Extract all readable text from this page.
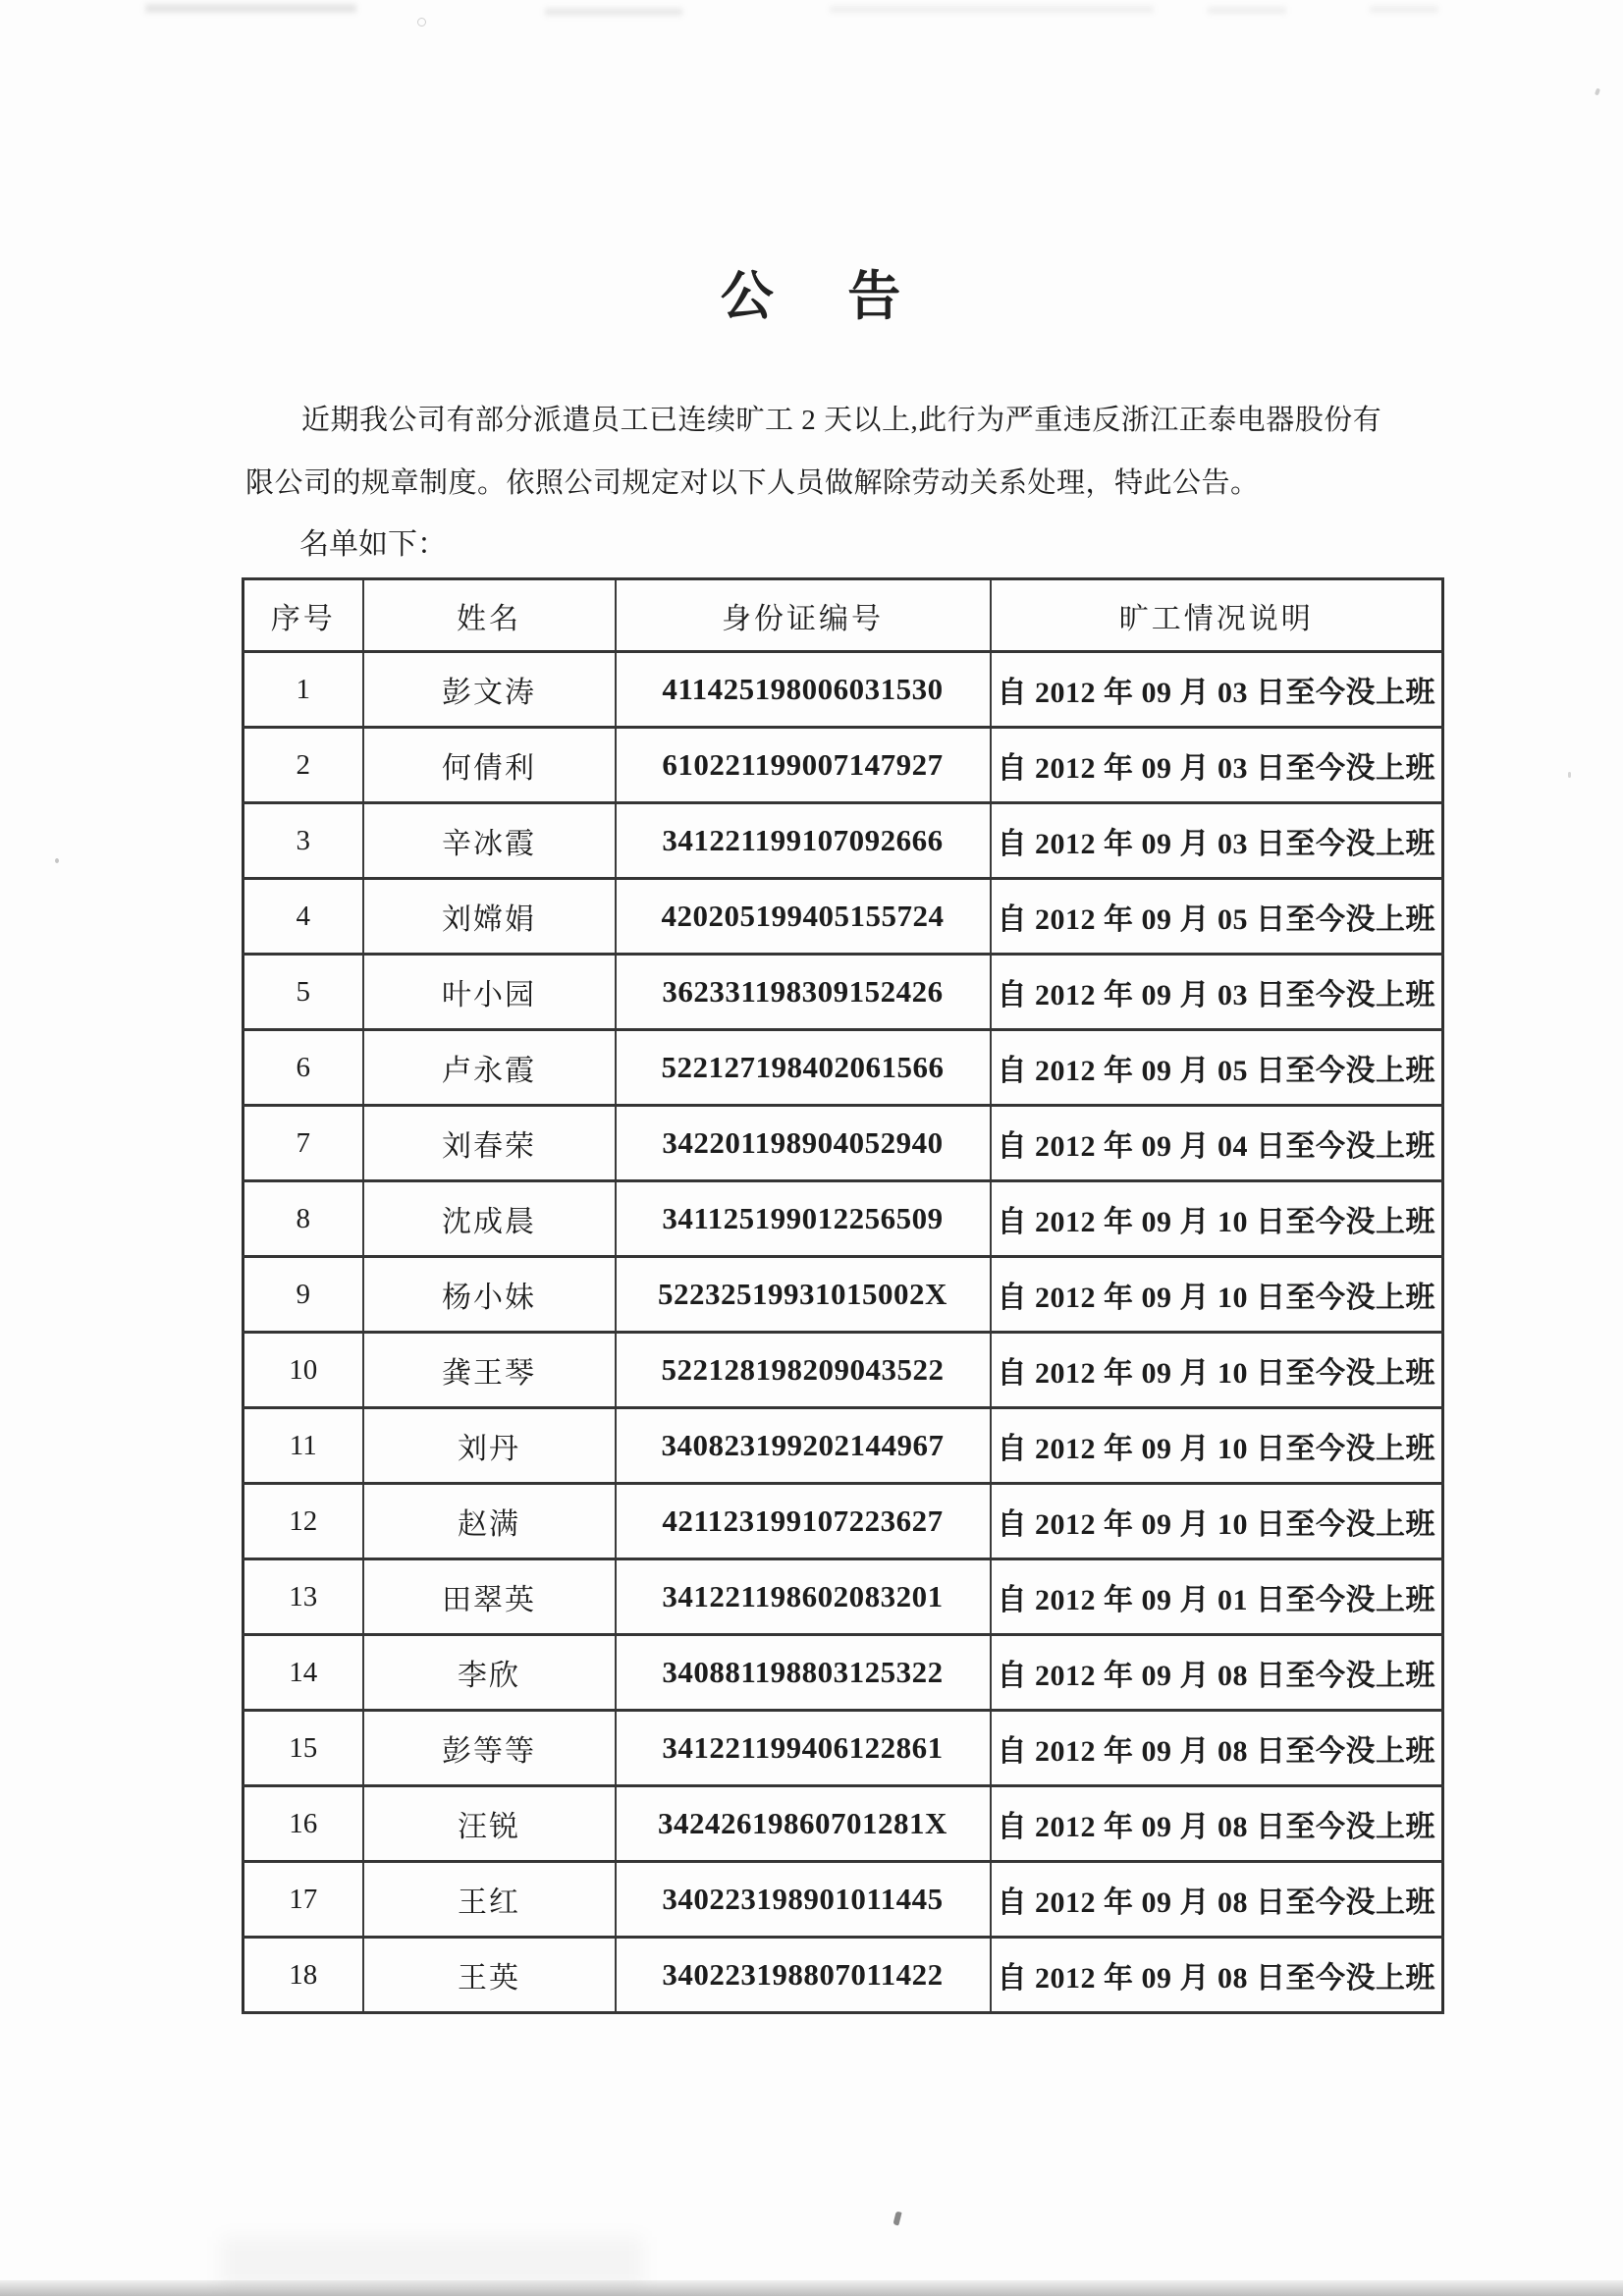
公 告
近期我公司有部分派遣员工已连续旷工 2 天以上,此行为严重违反浙江正泰电器股份有
限公司的规章制度。依照公司规定对以下人员做解除劳动关系处理，特此公告。
名单如下：
序号	姓名	身份证编号	旷工情况说明
1	彭文涛	411425198006031530	自 2012 年 09 月 03 日至今没上班
2	何倩利	610221199007147927	自 2012 年 09 月 03 日至今没上班
3	辛冰霞	341221199107092666	自 2012 年 09 月 03 日至今没上班
4	刘嫦娟	420205199405155724	自 2012 年 09 月 05 日至今没上班
5	叶小园	362331198309152426	自 2012 年 09 月 03 日至今没上班
6	卢永霞	522127198402061566	自 2012 年 09 月 05 日至今没上班
7	刘春荣	342201198904052940	自 2012 年 09 月 04 日至今没上班
8	沈成晨	341125199012256509	自 2012 年 09 月 10 日至今没上班
9	杨小妹	52232519931015002X	自 2012 年 09 月 10 日至今没上班
10	龚王琴	522128198209043522	自 2012 年 09 月 10 日至今没上班
11	刘丹	340823199202144967	自 2012 年 09 月 10 日至今没上班
12	赵满	421123199107223627	自 2012 年 09 月 10 日至今没上班
13	田翠英	341221198602083201	自 2012 年 09 月 01 日至今没上班
14	李欣	340881198803125322	自 2012 年 09 月 08 日至今没上班
15	彭等等	341221199406122861	自 2012 年 09 月 08 日至今没上班
16	汪锐	34242619860701281X	自 2012 年 09 月 08 日至今没上班
17	王红	340223198901011445	自 2012 年 09 月 08 日至今没上班
18	王英	340223198807011422	自 2012 年 09 月 08 日至今没上班
